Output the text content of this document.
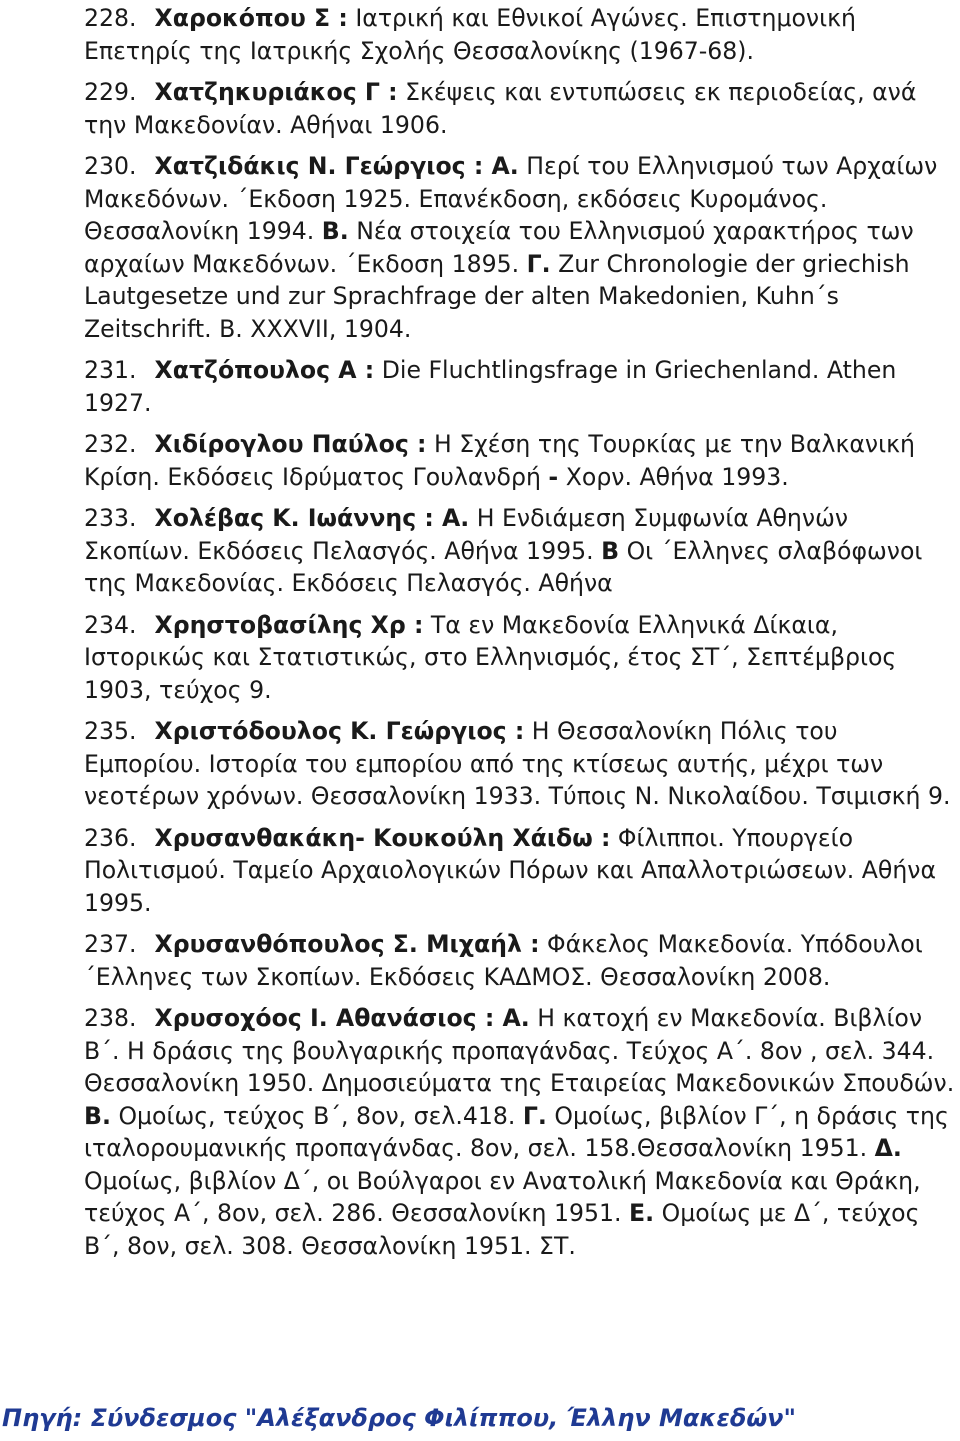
228. Χαροκόπου Σ : Ιατρική και Εθνικοί Αγώνες. Επιστημονική Επετηρίς της Ιατρικής Σχολής Θεσσαλονίκης (1967-68).
229. Χατζηκυριάκος Γ : Σκέψεις και εντυπώσεις εκ περιοδείας, ανά την Μακεδονίαν. Αθήναι 1906.
230. Χατζιδάκις Ν. Γεώργιος : Α. Περί του Ελληνισμού των Αρχαίων Μακεδόνων. ΄Εκδοση 1925. Επανέκδοση, εκδόσεις Κυρομάνος. Θεσσαλονίκη 1994. Β. Νέα στοιχεία του Ελληνισμού χαρακτήρος των αρχαίων Μακεδόνων. ΄Εκδοση 1895. Γ. Zur Chronologie der griechish Lautgesetze und zur Sprachfrage der alten Makedonien, Kuhn΄s Zeitschrift. B. XXXVII, 1904.
231. Χατζόπουλος Α : Die Fluchtlingsfrage in Griechenland. Athen 1927.
232. Χιδίρογλου Παύλος : Η Σχέση της Τουρκίας με την Βαλκανική Κρίση. Εκδόσεις Ιδρύματος Γουλανδρή - Χορν. Αθήνα 1993.
233. Χολέβας Κ. Ιωάννης : Α. Η Ενδιάμεση Συμφωνία Αθηνών Σκοπίων. Εκδόσεις Πελασγός. Αθήνα 1995. Β Οι ΄Ελληνες σλαβόφωνοι της Μακεδονίας. Εκδόσεις Πελασγός. Αθήνα
234. Χρηστοβασίλης Χρ : Τα εν Μακεδονία Ελληνικά Δίκαια, Ιστορικώς και Στατιστικώς, στο Ελληνισμός, έτος ΣΤ΄, Σεπτέμβριος 1903, τεύχος 9.
235. Χριστόδουλος Κ. Γεώργιος : Η Θεσσαλονίκη Πόλις του Εμπορίου. Ιστορία του εμπορίου από της κτίσεως αυτής, μέχρι των νεοτέρων χρόνων. Θεσσαλονίκη 1933. Τύποις Ν. Νικολαίδου. Τσιμισκή 9.
236. Χρυσανθακάκη- Κουκούλη Χάιδω : Φίλιπποι. Υπουργείο Πολιτισμού. Ταμείο Αρχαιολογικών Πόρων και Απαλλοτριώσεων. Αθήνα 1995.
237. Χρυσανθόπουλος Σ. Μιχαήλ : Φάκελος Μακεδονία. Υπόδουλοι ΄Ελληνες των Σκοπίων. Εκδόσεις ΚΑΔΜΟΣ. Θεσσαλονίκη 2008.
238. Χρυσοχόος Ι. Αθανάσιος : Α. Η κατοχή εν Μακεδονία. Βιβλίον Β΄. Η δράσις της βουλγαρικής προπαγάνδας. Τεύχος Α΄. 8ον , σελ. 344. Θεσσαλονίκη 1950. Δημοσιεύματα της Εταιρείας Μακεδονικών Σπουδών. Β. Ομοίως, τεύχος Β΄, 8ον, σελ.418. Γ. Ομοίως, βιβλίον Γ΄, η δράσις της ιταλορουμανικής προπαγάνδας. 8ον, σελ. 158.Θεσσαλονίκη 1951. Δ. Ομοίως, βιβλίον Δ΄, οι Βούλγαροι εν Ανατολική Μακεδονία και Θράκη, τεύχος Α΄, 8ον, σελ. 286. Θεσσαλονίκη 1951. Ε. Ομοίως με Δ΄, τεύχος Β΄, 8ον, σελ. 308. Θεσσαλονίκη 1951. ΣΤ.
Πηγή: Σύνδεσμος "Αλέξανδρος Φιλίππου, Έλλην Μακεδών"
